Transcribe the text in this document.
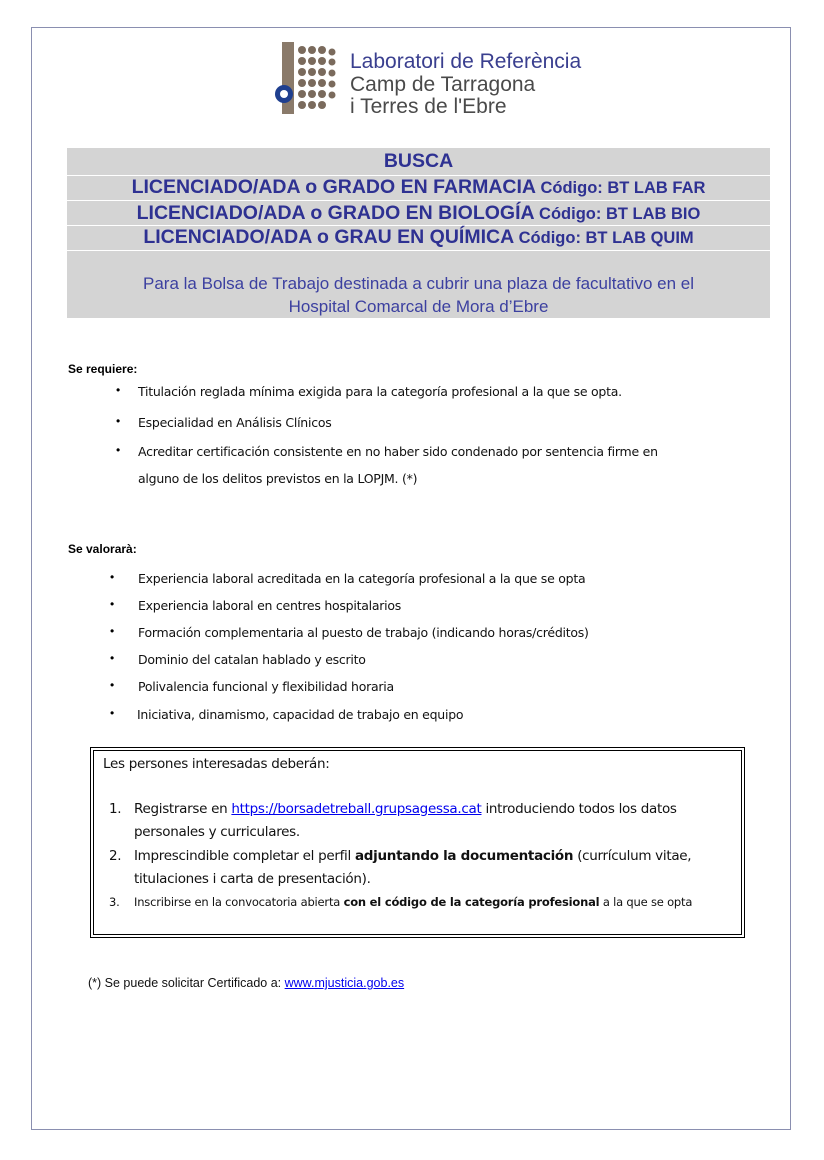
Laboratori de Referència
Camp de Tarragona
i Terres de l'Ebre
BUSCA
LICENCIADO/ADA o GRADO EN FARMACIA Código: BT LAB FAR
LICENCIADO/ADA o GRADO EN BIOLOGÍA Código: BT LAB BIO
LICENCIADO/ADA o GRAU EN QUÍMICA Código: BT LAB QUIM
Para la Bolsa de Trabajo destinada a cubrir una plaza de facultativo en el
Hospital Comarcal de Mora d’Ebre
Se requiere:
• Titulación reglada mínima exigida para la categoría profesional a la que se opta.
• Especialidad en Análisis Clínicos
• Acreditar certificación consistente en no haber sido condenado por sentencia firme en
alguno de los delitos previstos en la LOPJM. (*)
Se valorarà:
• Experiencia laboral acreditada en la categoría profesional a la que se opta
• Experiencia laboral en centres hospitalarios
• Formación complementaria al puesto de trabajo (indicando horas/créditos)
• Dominio del catalan hablado y escrito
• Polivalencia funcional y flexibilidad horaria
• Iniciativa, dinamismo, capacidad de trabajo en equipo
Les persones interesadas deberán:
1. Registrarse en https://borsadetreball.grupsagessa.cat introduciendo todos los datos
personales y curriculares.
2. Imprescindible completar el perfil adjuntando la documentación (currículum vitae,
titulaciones i carta de presentación).
3. Inscribirse en la convocatoria abierta con el código de la categoría profesional a la que se opta
(*) Se puede solicitar Certificado a: www.mjusticia.gob.es
